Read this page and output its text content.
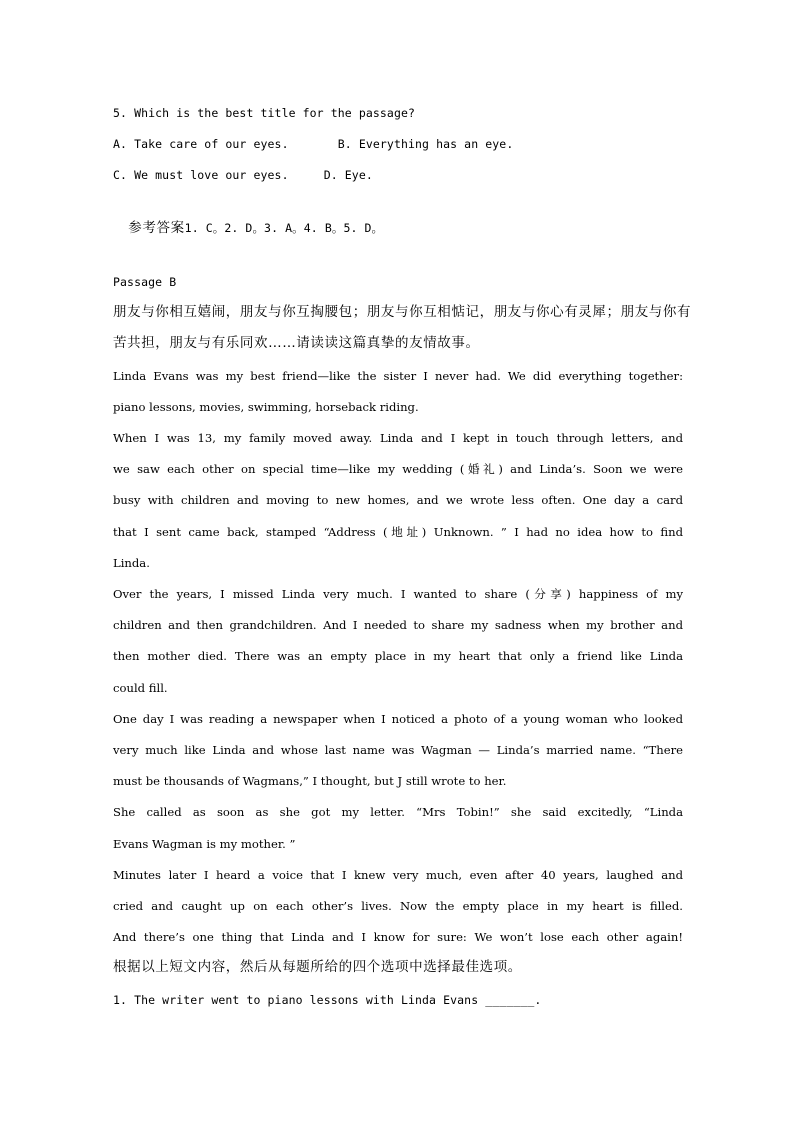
5. Which is the best title for the passage?
A. Take care of our eyes.       B. Everything has an eye.
C. We must love our eyes.     D. Eye.

参考答案1. C。2. D。3. A。4. B。5. D。

Passage B
朋友与你相互嬉闹，朋友与你互掏腰包；朋友与你互相惦记，朋友与你心有灵犀；朋友与你有
苦共担，朋友与有乐同欢……请读读这篇真挚的友情故事。
Linda Evans was my best friend—like the sister I never had. We did everything together:
piano lessons, movies, swimming, horseback riding.
When I was 13, my family moved away. Linda and I kept in touch through letters, and
we saw each other on special time—like my wedding (婚礼) and Linda’s. Soon we were
busy with children and moving to new homes, and we wrote less often. One day a card
that I sent came back, stamped “Address (地址) Unknown. ” I had no idea how to find
Linda.
Over the years, I missed Linda very much. I wanted to share (分享) happiness of my
children and then grandchildren. And I needed to share my sadness when my brother and
then mother died. There was an empty place in my heart that only a friend like Linda
could fill.
One day I was reading a newspaper when I noticed a photo of a young woman who looked
very much like Linda and whose last name was Wagman — Linda’s married name. “There
must be thousands of Wagmans,” I thought, but J still wrote to her.
She called as soon as she got my letter. “Mrs Tobin!” she said excitedly, “Linda
Evans Wagman is my mother. ”
Minutes later I heard a voice that I knew very much, even after 40 years, laughed and
cried and caught up on each other’s lives. Now the empty place in my heart is filled.
And there’s one thing that Linda and I know for sure: We won’t lose each other again!
根据以上短文内容，然后从每题所给的四个选项中选择最佳选项。
1. The writer went to piano lessons with Linda Evans _______.
